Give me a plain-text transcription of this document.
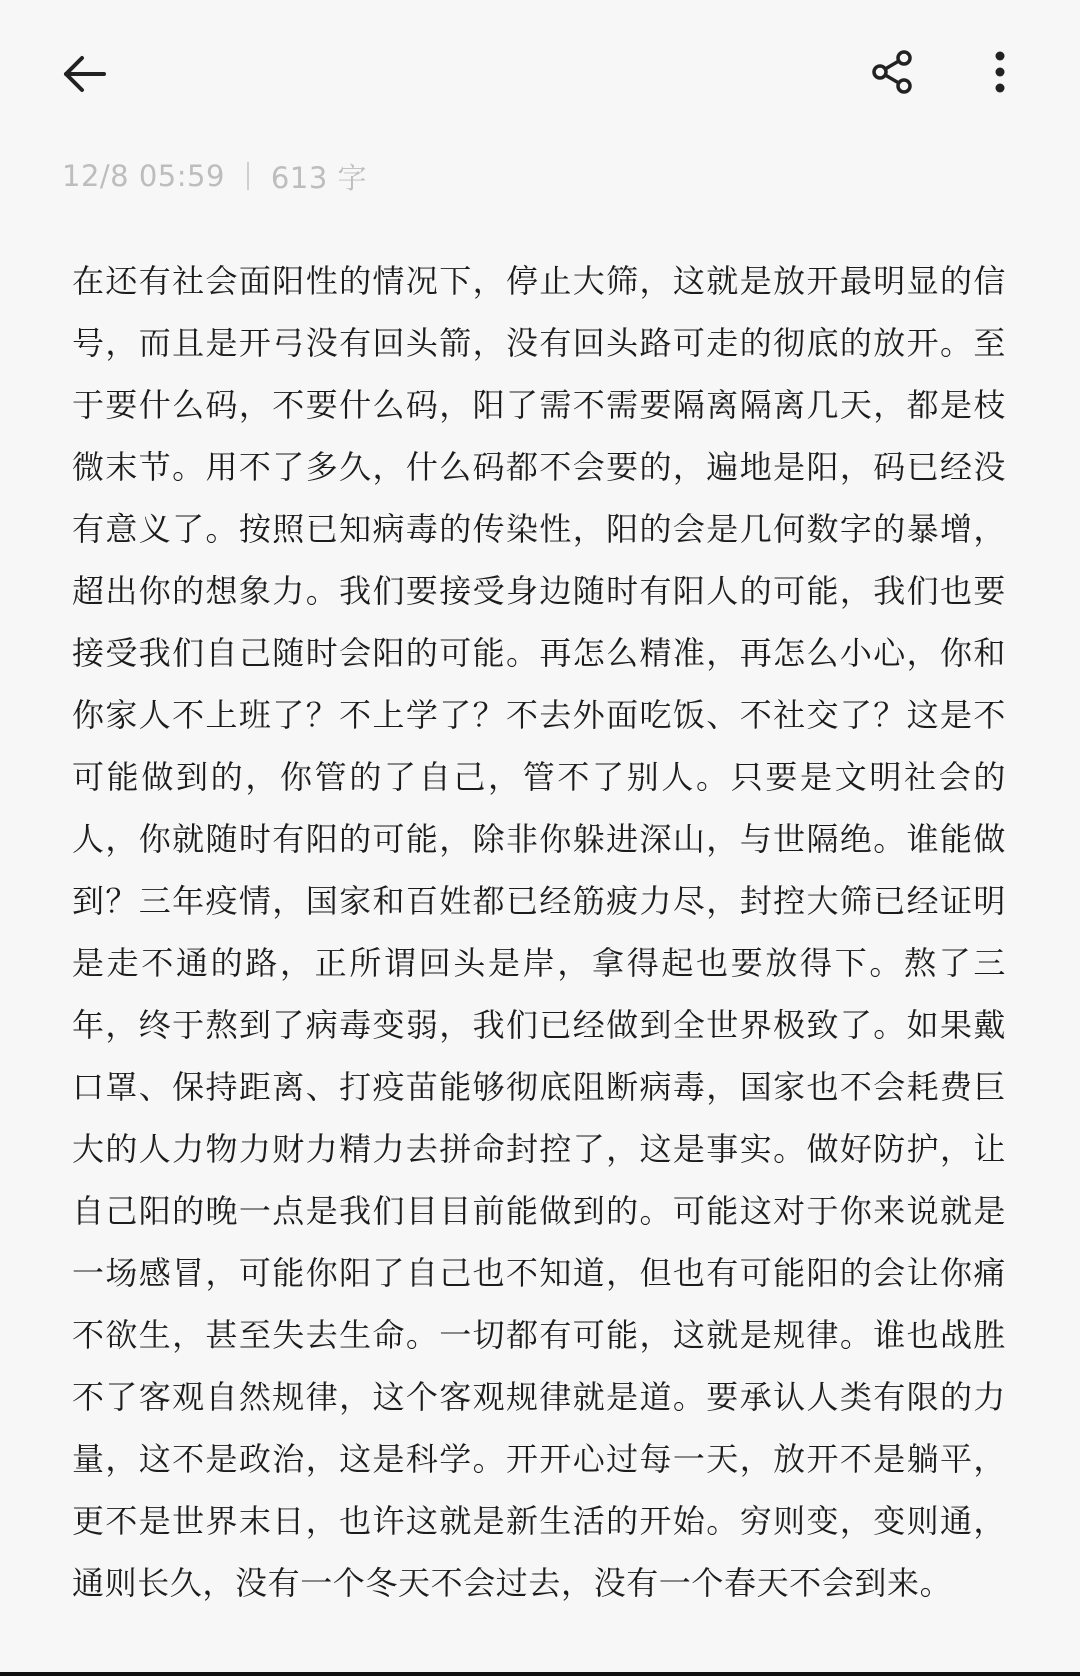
12/8 05:59 613 字
在还有社会面阳性的情况下，停止大筛，这就是放开最明显的信号，而且是开弓没有回头箭，没有回头路可走的彻底的放开。至于要什么码，不要什么码，阳了需不需要隔离隔离几天，都是枝微末节。用不了多久，什么码都不会要的，遍地是阳，码已经没有意义了。按照已知病毒的传染性，阳的会是几何数字的暴增，超出你的想象力。我们要接受身边随时有阳人的可能，我们也要接受我们自己随时会阳的可能。再怎么精准，再怎么小心，你和你家人不上班了？不上学了？不去外面吃饭、不社交了？这是不可能做到的，你管的了自己，管不了别人。只要是文明社会的人，你就随时有阳的可能，除非你躲进深山，与世隔绝。谁能做到？三年疫情，国家和百姓都已经筋疲力尽，封控大筛已经证明是走不通的路，正所谓回头是岸，拿得起也要放得下。熬了三年，终于熬到了病毒变弱，我们已经做到全世界极致了。如果戴口罩、保持距离、打疫苗能够彻底阻断病毒，国家也不会耗费巨大的人力物力财力精力去拼命封控了，这是事实。做好防护，让自己阳的晚一点是我们目目前能做到的。可能这对于你来说就是一场感冒，可能你阳了自己也不知道，但也有可能阳的会让你痛不欲生，甚至失去生命。一切都有可能，这就是规律。谁也战胜不了客观自然规律，这个客观规律就是道。要承认人类有限的力量，这不是政治，这是科学。开开心过每一天，放开不是躺平，更不是世界末日，也许这就是新生活的开始。穷则变，变则通，通则长久，没有一个冬天不会过去，没有一个春天不会到来。
